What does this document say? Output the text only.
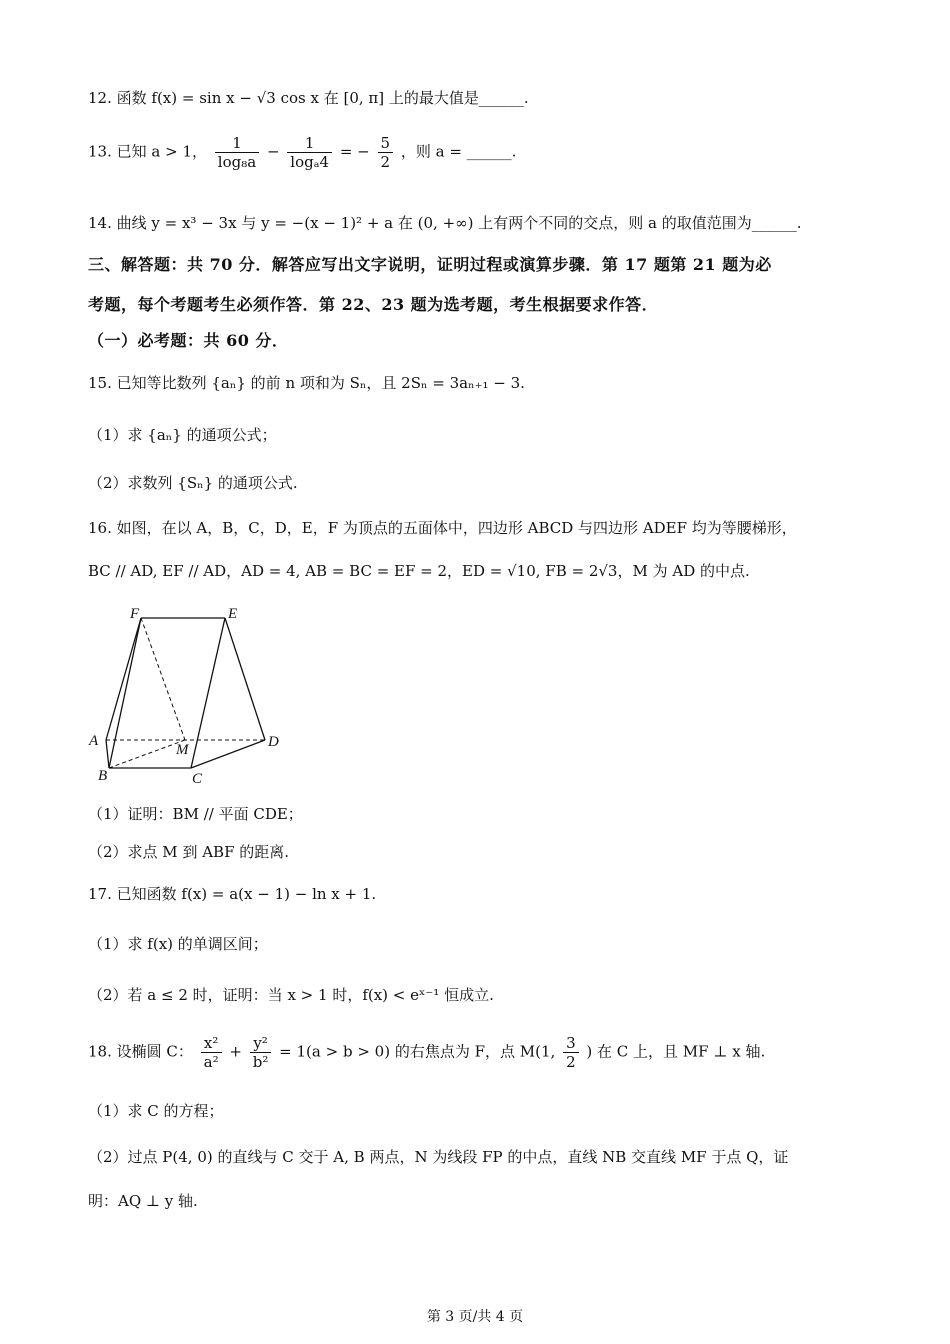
12. 函数 f(x) = sin x − √3 cos x 在 [0, π] 上的最大值是______.
13. 已知 a > 1， $\frac{1}{\text{log₈a}} - \frac{1}{\text{logₐ4}}$ = − $\frac{5}{2}$ ，则 a = ______.
14. 曲线 y = x³ − 3x 与 y = −(x − 1)² + a 在 (0, +∞) 上有两个不同的交点，则 a 的取值范围为______.
三、解答题：共 70 分．解答应写出文字说明，证明过程或演算步骤．第 17 题第 21 题为必
考题，每个考题考生必须作答．第 22、23 题为选考题，考生根据要求作答．
（一）必考题：共 60 分．
15. 已知等比数列 {aₙ} 的前 n 项和为 Sₙ，且 2Sₙ = 3aₙ₊₁ − 3.
（1）求 {aₙ} 的通项公式；
（2）求数列 {Sₙ} 的通项公式.
16. 如图，在以 A，B，C，D，E，F 为顶点的五面体中，四边形 ABCD 与四边形 ADEF 均为等腰梯形，
BC // AD, EF // AD，AD = 4, AB = BC = EF = 2，ED = √10, FB = 2√3，M 为 AD 的中点.
F	E
A
M	D
B	C
（1）证明：BM // 平面 CDE；
（2）求点 M 到 ABF 的距离.
17. 已知函数 f(x) = a(x − 1) − ln x + 1.
（1）求 f(x) 的单调区间；
（2）若 a ≤ 2 时，证明：当 x > 1 时，f(x) < eˣ⁻¹ 恒成立.
18. 设椭圆 C： $\frac{\text{x²}}{\text{a²}} + \frac{\text{y²}}{\text{b²}} = 1(a > b > 0)$ 的右焦点为 F，点 M(1, $\frac{3}{2}$ ) 在 C 上，且 MF ⊥ x 轴.
（1）求 C 的方程；
（2）过点 P(4, 0) 的直线与 C 交于 A, B 两点，N 为线段 FP 的中点，直线 NB 交直线 MF 于点 Q，证
明：AQ ⊥ y 轴.
第 3 页/共 4 页
